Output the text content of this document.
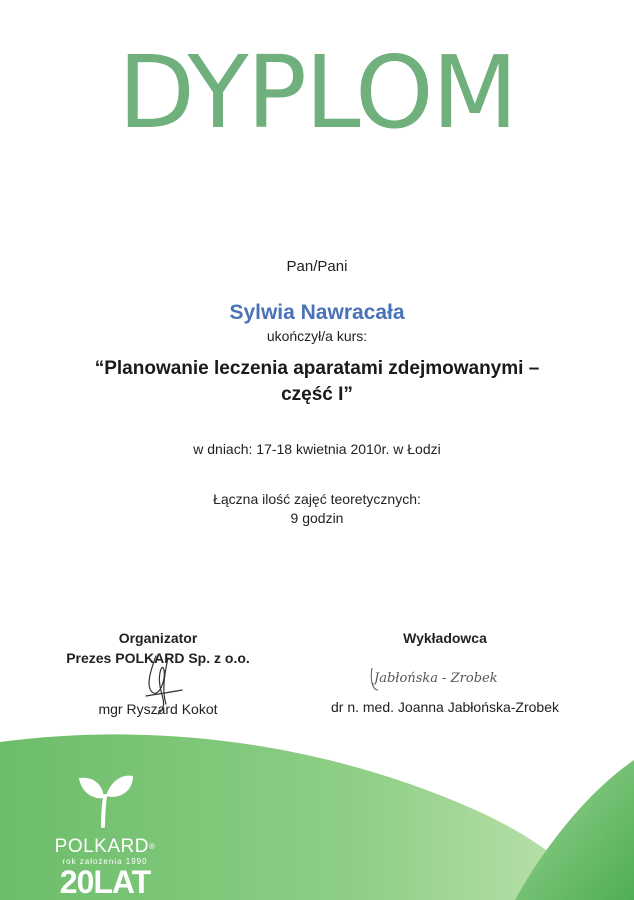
DYPLOM
Pan/Pani
Sylwia Nawracała
ukończył/a kurs:
“Planowanie leczenia aparatami zdejmowanymi –
część I”
w dniach: 17-18 kwietnia 2010r. w Łodzi
Łączna ilość zajęć teoretycznych:
9 godzin
Organizator
Prezes POLKARD Sp. z o.o.
mgr Ryszard Kokot
Wykładowca
Jabłońska - Zrobek
dr n. med. Joanna Jabłońska-Zrobek
POLKARD®
rok założenia 1990
20LAT
